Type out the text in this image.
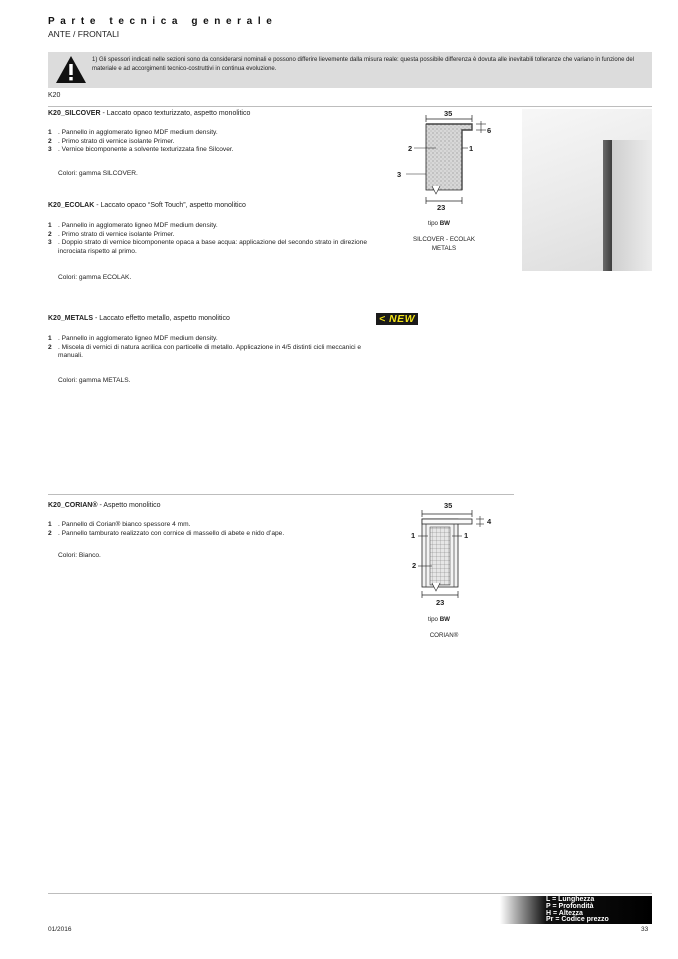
Parte tecnica generale
ANTE / FRONTALI
1) Gli spessori indicati nelle sezioni sono da considerarsi nominali e possono differire lievemente dalla misura reale: questa possibile differenza è dovuta alle inevitabili tolleranze che variano in funzione del materiale e ad accorgimenti tecnico-costruttivi in continua evoluzione.
K20
K20_SILCOVER - Laccato opaco texturizzato, aspetto monolitico
1 . Pannello in agglomerato ligneo MDF medium density.
2 . Primo strato di vernice isolante Primer.
3 . Vernice bicomponente a solvente texturizzata fine Silcover.
Colori: gamma SILCOVER.
K20_ECOLAK - Laccato opaco “Soft Touch”, aspetto monolitico
1 . Pannello in agglomerato ligneo MDF medium density.
2 . Primo strato di vernice isolante Primer.
3 . Doppio strato di vernice bicomponente opaca a base acqua: applicazione del secondo strato in direzione incrociata rispetto al primo.
Colori: gamma ECOLAK.
35
6
2	1
3
23
tipo BW
SILCOVER - ECOLAK
METALS
K20_METALS - Laccato effetto metallo, aspetto monolitico	< NEW
1 . Pannello in agglomerato ligneo MDF medium density.
2 . Miscela di vernici di natura acrilica con particelle di metallo. Applicazione in 4/5 distinti cicli meccanici e manuali.
Colori: gamma METALS.
K20_CORIAN® - Aspetto monolitico
1 . Pannello di Corian® bianco spessore 4 mm.
2 . Pannello tamburato realizzato con cornice di massello di abete e nido d’ape.
Colori: Bianco.
35
4
1	1
2
23
tipo BW
CORIAN®
L = Lunghezza
P = Profondità
H = Altezza
Pr = Codice prezzo
01/2016	33
